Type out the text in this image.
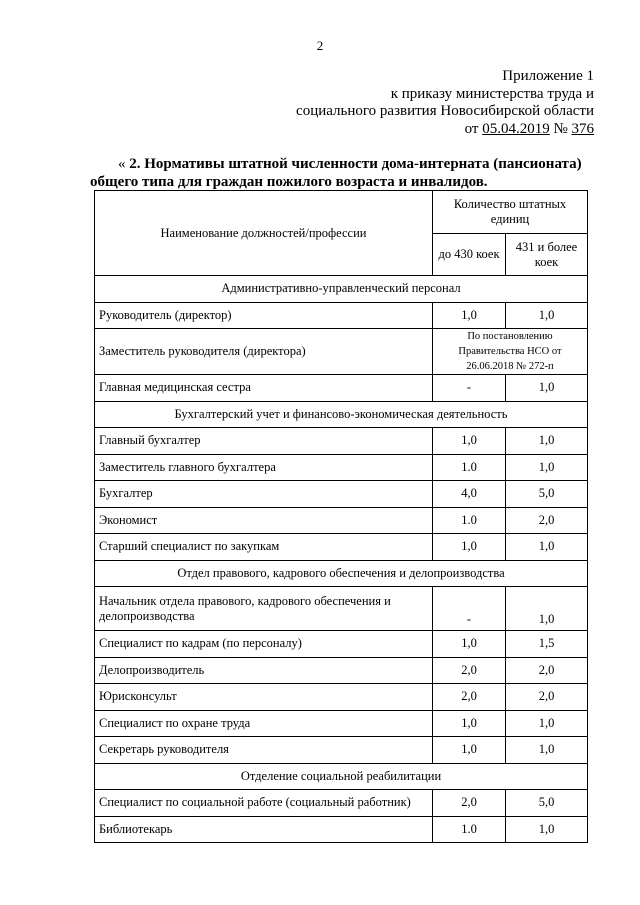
2
Приложение 1
к приказу министерства труда и
социального развития Новосибирской области
от 05.04.2019 № 376
« 2. Нормативы штатной численности дома-интерната (пансионата)
общего типа для граждан пожилого возраста и инвалидов.
Наименование должностей/профессии	Количество штатных единиц	
	до 430 коек	431 и более коек
Административно-управленческий персонал		
Руководитель (директор)	1,0	1,0
Заместитель руководителя (директора)	По постановлению Правительства НСО от 26.06.2018 № 272-п	
Главная медицинская сестра	-	1,0
Бухгалтерский учет и финансово-экономическая деятельность		
Главный бухгалтер	1,0	1,0
Заместитель главного бухгалтера	1.0	1,0
Бухгалтер	4,0	5,0
Экономист	1.0	2,0
Старший специалист по закупкам	1,0	1,0
Отдел правового, кадрового обеспечения и делопроизводства		
Начальник отдела правового, кадрового обеспечения и делопроизводства	-	1,0
Специалист по кадрам (по персоналу)	1,0	1,5
Делопроизводитель	2,0	2,0
Юрисконсульт	2,0	2,0
Специалист по охране труда	1,0	1,0
Секретарь руководителя	1,0	1,0
Отделение социальной реабилитации		
Специалист по социальной работе (социальный работник)	2,0	5,0
Библиотекарь	1.0	1,0
